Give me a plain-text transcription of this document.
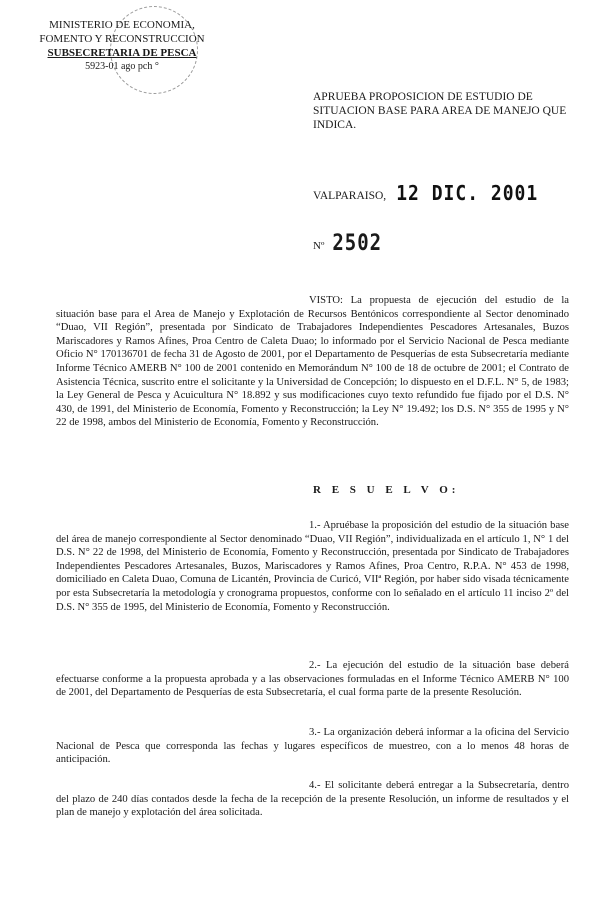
MINISTERIO DE ECONOMIA,
FOMENTO Y RECONSTRUCCION
SUBSECRETARIA DE PESCA
5923-01 ago pch °
APRUEBA PROPOSICION DE ESTUDIO DE SITUACION BASE PARA AREA DE MANEJO QUE INDICA.
VALPARAISO, 12 DIC. 2001
Nº 2502
VISTO: La propuesta de ejecución del estudio de la situación base para el Area de Manejo y Explotación de Recursos Bentónicos correspondiente al Sector denominado “Duao, VII Región”, presentada por Sindicato de Trabajadores Independientes Pescadores Artesanales, Buzos Mariscadores y Ramos Afines, Proa Centro de Caleta Duao; lo informado por el Servicio Nacional de Pesca mediante Oficio N° 170136701 de fecha 31 de Agosto de 2001, por el Departamento de Pesquerías de esta Subsecretaría mediante Informe Técnico AMERB N° 100 de 2001 contenido en Memorándum N° 100 de 18 de octubre de 2001; el Contrato de Asistencia Técnica, suscrito entre el solicitante y la Universidad de Concepción; lo dispuesto en el D.F.L. N° 5, de 1983; la Ley General de Pesca y Acuicultura N° 18.892 y sus modificaciones cuyo texto refundido fue fijado por el D.S. N° 430, de 1991, del Ministerio de Economía, Fomento y Reconstrucción; la Ley N° 19.492; los D.S. N° 355 de 1995 y N° 22 de 1998, ambos del Ministerio de Economía, Fomento y Reconstrucción.
R E S U E L V O:
1.- Apruébase la proposición del estudio de la situación base del área de manejo correspondiente al Sector denominado “Duao, VII Región”, individualizada en el artículo 1, N° 1 del D.S. N° 22 de 1998, del Ministerio de Economía, Fomento y Reconstrucción, presentada por Sindicato de Trabajadores Independientes Pescadores Artesanales, Buzos, Mariscadores y Ramos Afines, Proa Centro, R.P.A. N° 453 de 1998, domiciliado en Caleta Duao, Comuna de Licantén, Provincia de Curicó, VIIª Región, por haber sido visada técnicamente por esta Subsecretaría la metodología y cronograma propuestos, conforme con lo señalado en el artículo 11 inciso 2º del D.S. N° 355 de 1995, del Ministerio de Economía, Fomento y Reconstrucción.
2.- La ejecución del estudio de la situación base deberá efectuarse conforme a la propuesta aprobada y a las observaciones formuladas en el Informe Técnico AMERB N° 100 de 2001, del Departamento de Pesquerías de esta Subsecretaría, el cual forma parte de la presente Resolución.
3.- La organización deberá informar a la oficina del Servicio Nacional de Pesca que corresponda las fechas y lugares específicos de muestreo, con a lo menos 48 horas de anticipación.
4.- El solicitante deberá entregar a la Subsecretaría, dentro del plazo de 240 días contados desde la fecha de la recepción de la presente Resolución, un informe de resultados y el plan de manejo y explotación del área solicitada.
